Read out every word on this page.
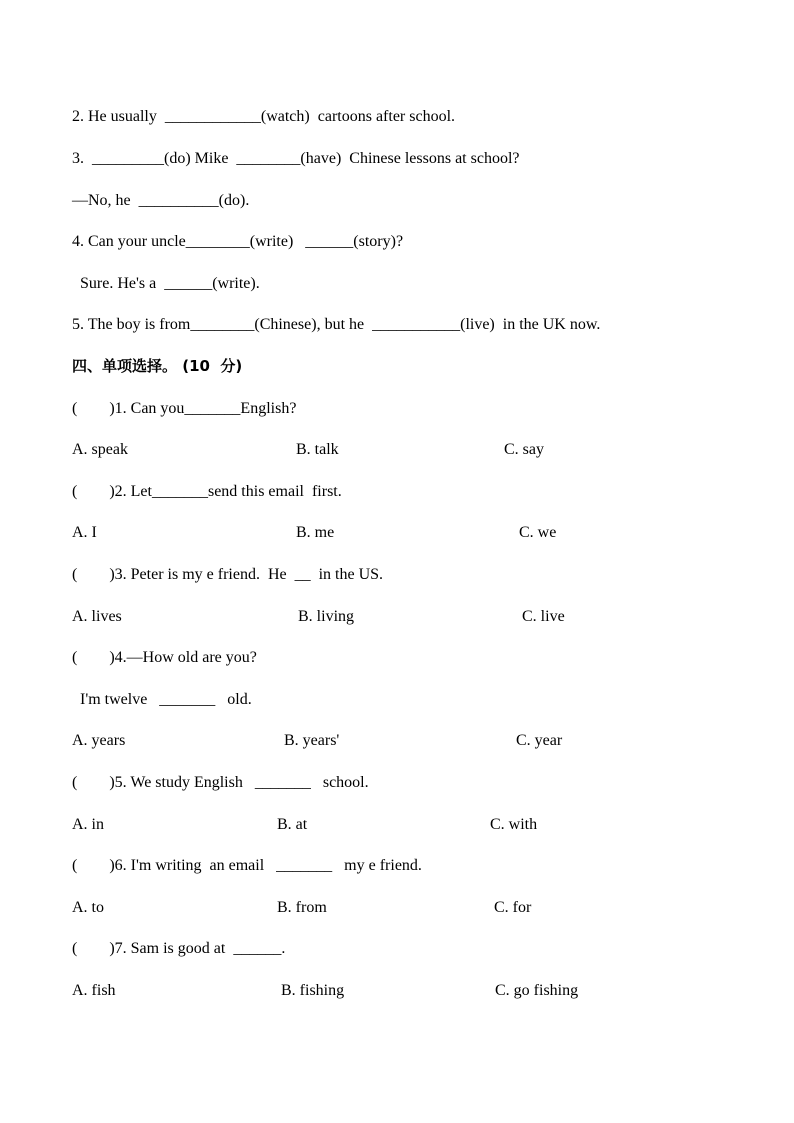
2. He usually  ____________(watch)  cartoons after school.
3.  _________(do) Mike  ________(have)  Chinese lessons at school?
—No, he  __________(do).
4. Can your uncle________(write)   ______(story)?
Sure. He's a  ______(write).
5. The boy is from________(Chinese), but he  ___________(live)  in the UK now.
四、单项选择。 (10  分)
(        )1. Can you_______English?
A. speak	B. talk	C. say
(        )2. Let_______send this email  first.
A. I	B. me	C. we
(        )3. Peter is my e friend.  He  __  in the US.
A. lives	B. living	C. live
(        )4.—How old are you?
I'm twelve   _______   old.
A. years	B. years'	C. year
(        )5. We study English   _______   school.
A. in	B. at	C. with
(        )6. I'm writing  an email   _______   my e friend.
A. to	B. from	C. for
(        )7. Sam is good at  ______.
A. fish	B. fishing	C. go fishing
